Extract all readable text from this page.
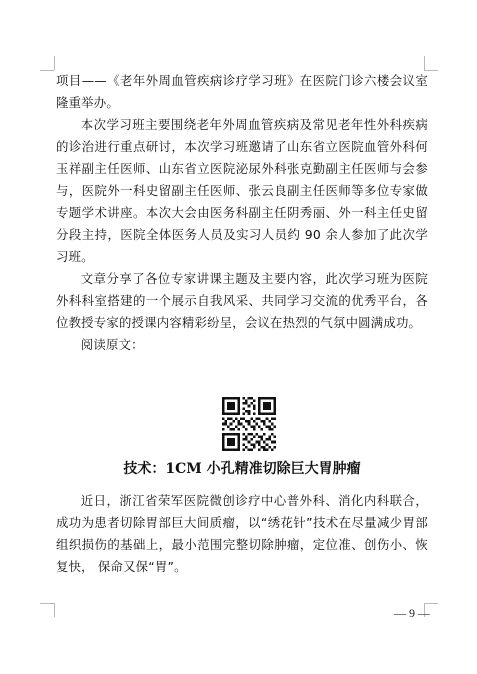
项目——《老年外周血管疾病诊疗学习班》在医院门诊六楼会议室隆重举办。

本次学习班主要围绕老年外周血管疾病及常见老年性外科疾病的诊治进行重点研讨，本次学习班邀请了山东省立医院血管外科何玉祥副主任医师、山东省立医院泌尿外科张克勤副主任医师与会参与，医院外一科史留副主任医师、张云良副主任医师等多位专家做专题学术讲座。本次大会由医务科副主任阴秀丽、外一科主任史留分段主持，医院全体医务人员及实习人员约 90 余人参加了此次学习班。

文章分享了各位专家讲课主题及主要内容，此次学习班为医院外科科室搭建的一个展示自我风采、共同学习交流的优秀平台，各位教授专家的授课内容精彩纷呈，会议在热烈的气氛中圆满成功。

阅读原文：

技术：1CM 小孔精准切除巨大胃肿瘤

近日，浙江省荣军医院微创诊疗中心普外科、消化内科联合，成功为患者切除胃部巨大间质瘤，以“绣花针”技术在尽量减少胃部组织损伤的基础上，最小范围完整切除肿瘤，定位准、创伤小、恢复快， 保命又保“胃”。

— 9 —
